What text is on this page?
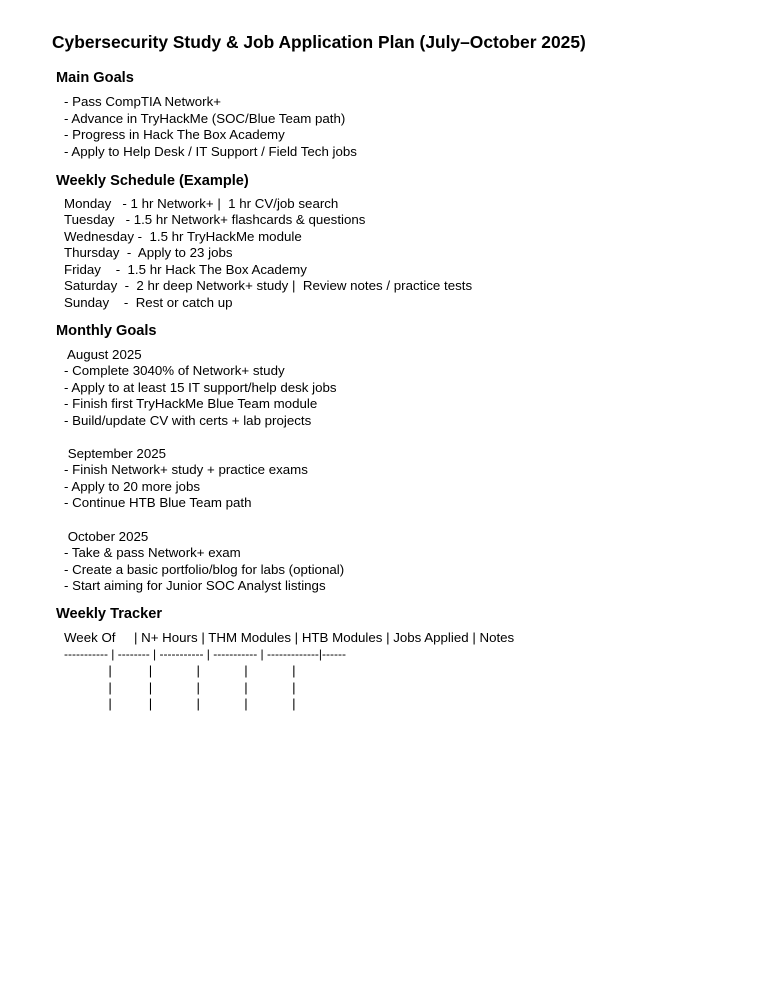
Cybersecurity Study & Job Application Plan (July–October 2025)
Main Goals
- Pass CompTIA Network+
- Advance in TryHackMe (SOC/Blue Team path)
- Progress in Hack The Box Academy
- Apply to Help Desk / IT Support / Field Tech jobs
Weekly Schedule (Example)
Monday   - 1 hr Network+ |  1 hr CV/job search
Tuesday   - 1.5 hr Network+ flashcards & questions
Wednesday -  1.5 hr TryHackMe module
Thursday  -  Apply to 23 jobs
Friday    -  1.5 hr Hack The Box Academy
Saturday  -  2 hr deep Network+ study |  Review notes / practice tests
Sunday    -  Rest or catch up
Monthly Goals
August 2025
- Complete 3040% of Network+ study
- Apply to at least 15 IT support/help desk jobs
- Finish first TryHackMe Blue Team module
- Build/update CV with certs + lab projects
September 2025
- Finish Network+ study + practice exams
- Apply to 20 more jobs
- Continue HTB Blue Team path
October 2025
- Take & pass Network+ exam
- Create a basic portfolio/blog for labs (optional)
- Start aiming for Junior SOC Analyst listings
Weekly Tracker
Week Of     | N+ Hours | THM Modules | HTB Modules | Jobs Applied | Notes
----------- | -------- | ----------- | ----------- | -------------|------
|          |            |            |            |
|          |            |            |            |
|          |            |            |            |
